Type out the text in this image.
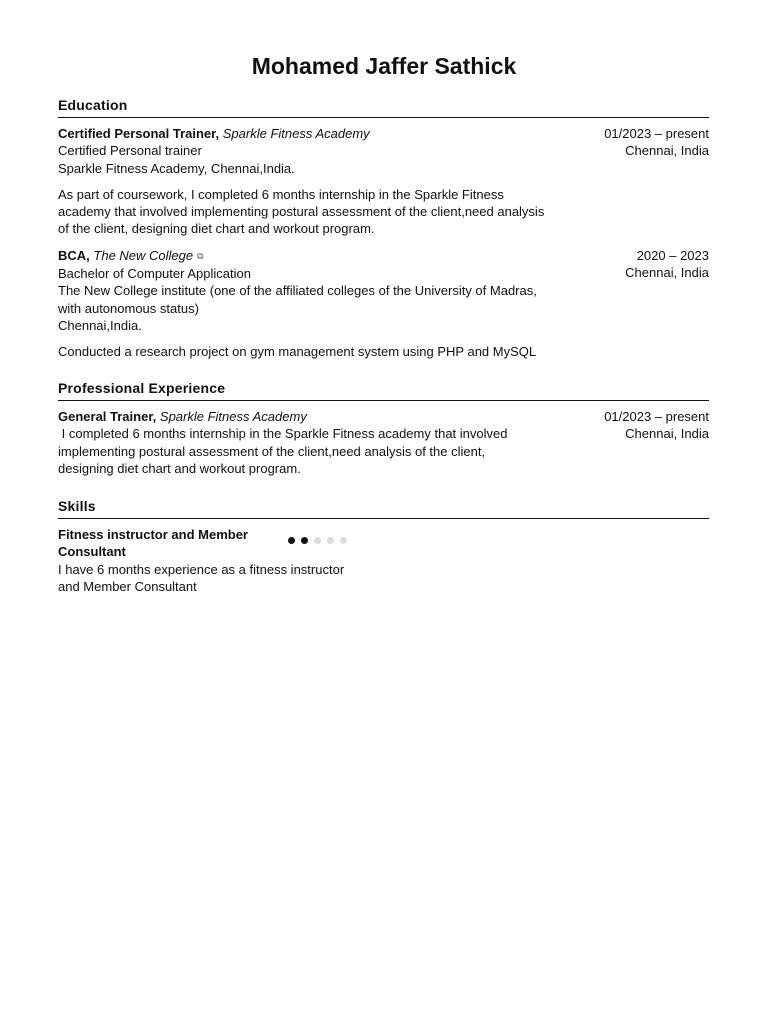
Mohamed Jaffer Sathick
Education
Certified Personal Trainer, Sparkle Fitness Academy
Certified Personal trainer
Sparkle Fitness Academy, Chennai,India.
01/2023 – present
Chennai, India
As part of coursework, I completed 6 months internship in the Sparkle Fitness academy that involved implementing postural assessment of the client,need analysis of the client, designing diet chart and workout program.
BCA, The New College ⧉
Bachelor of Computer Application
The New College institute (one of the affiliated colleges of the University of Madras, with autonomous status)
Chennai,India.
2020 – 2023
Chennai, India
Conducted a research project on gym management system using PHP and MySQL
Professional Experience
General Trainer, Sparkle Fitness Academy
I completed 6 months internship in the Sparkle Fitness academy that involved implementing postural assessment of the client,need analysis of the client, designing diet chart and workout program.
01/2023 – present
Chennai, India
Skills
Fitness instructor and Member Consultant
I have 6 months experience as a fitness instructor and Member Consultant
